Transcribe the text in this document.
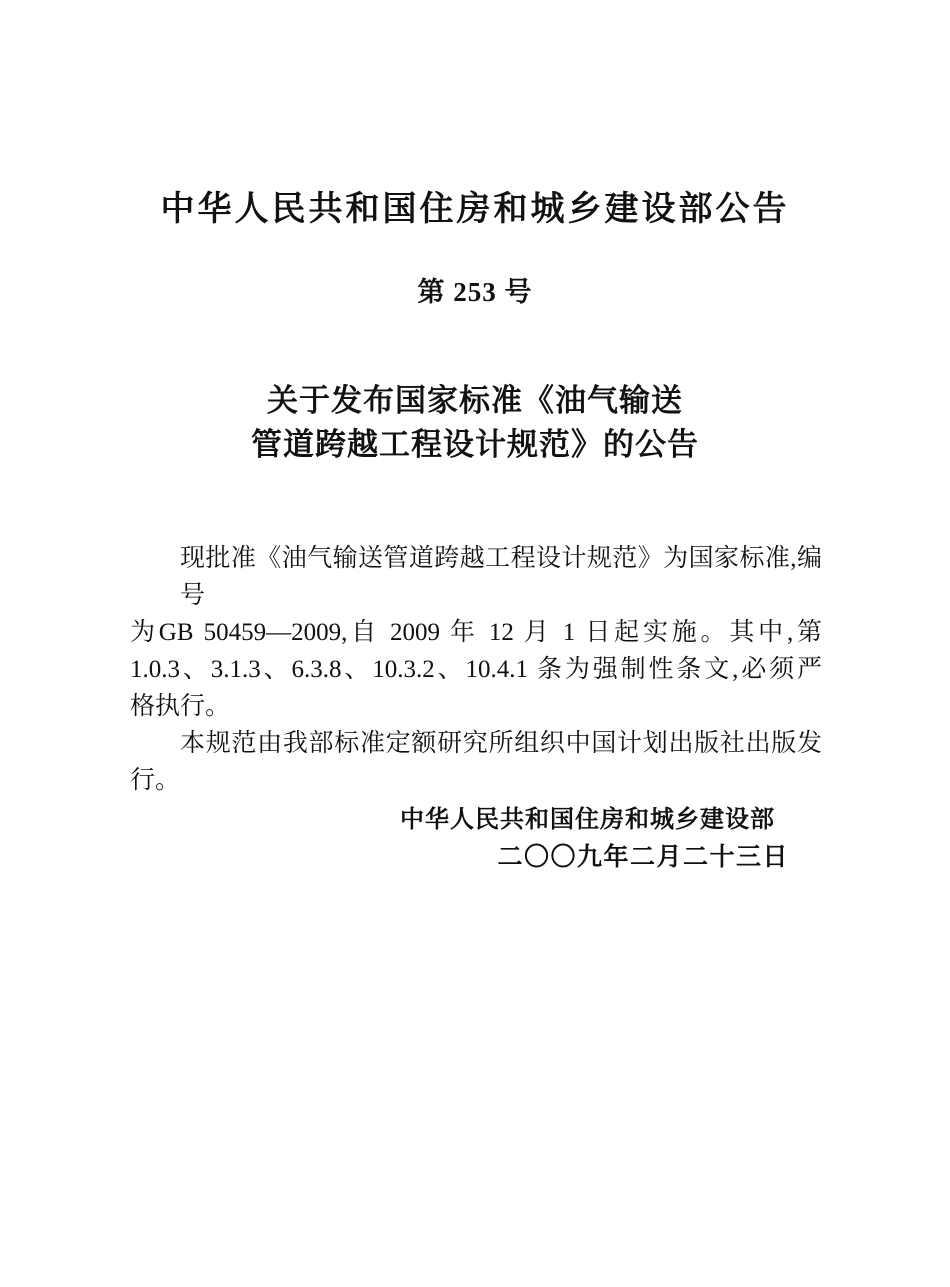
中华人民共和国住房和城乡建设部公告
第 253 号
关于发布国家标准《油气输送
管道跨越工程设计规范》的公告
现批准《油气输送管道跨越工程设计规范》为国家标准,编号
为GB 50459—2009,自 2009 年 12 月 1 日起实施。其中,第
1.0.3、3.1.3、6.3.8、10.3.2、10.4.1 条为强制性条文,必须严
格执行。
本规范由我部标准定额研究所组织中国计划出版社出版发
行。
中华人民共和国住房和城乡建设部
二〇〇九年二月二十三日
